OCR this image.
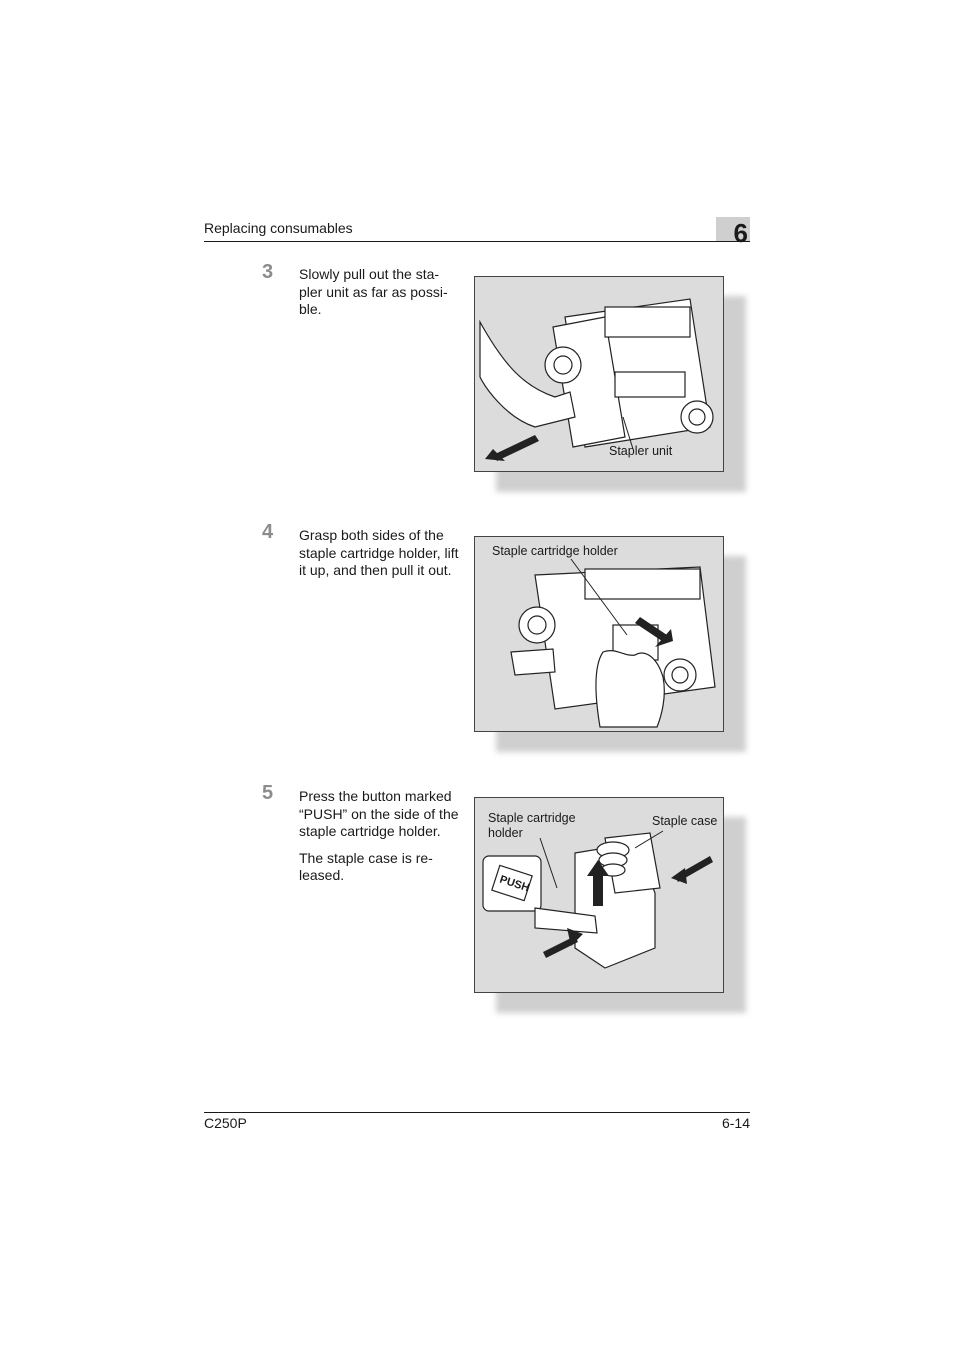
Replacing consumables	6
3 Slowly pull out the sta-pler unit as far as possi-ble.

Stapler unit
4 Grasp both sides of the staple cartridge holder, lift it up, and then pull it out.

Staple cartridge holder
5 Press the button marked “PUSH” on the side of the staple cartridge holder.

The staple case is re-leased.

Staple cartridge holder
Staple case
PUSH
C250P	6-14
